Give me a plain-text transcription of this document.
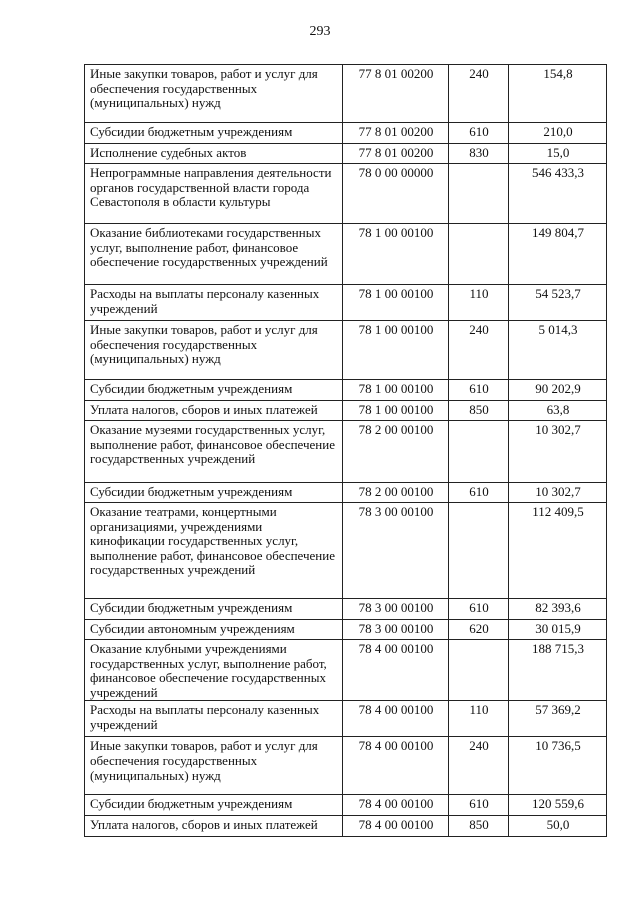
293
Иные закупки товаров, работ и услуг для обеспечения государственных (муниципальных) нужд	77 8 01 00200	240	154,8
Субсидии бюджетным учреждениям	77 8 01 00200	610	210,0
Исполнение судебных актов	77 8 01 00200	830	15,0
Непрограммные направления деятельности органов государственной власти города Севастополя в области культуры	78 0 00 00000		546 433,3
Оказание библиотеками государственных услуг, выполнение работ, финансовое обеспечение государственных учреждений	78 1 00 00100		149 804,7
Расходы на выплаты персоналу казенных учреждений	78 1 00 00100	110	54 523,7
Иные закупки товаров, работ и услуг для обеспечения государственных (муниципальных) нужд	78 1 00 00100	240	5 014,3
Субсидии бюджетным учреждениям	78 1 00 00100	610	90 202,9
Уплата налогов, сборов и иных платежей	78 1 00 00100	850	63,8
Оказание музеями государственных услуг, выполнение работ, финансовое обеспечение государственных учреждений	78 2 00 00100		10 302,7
Субсидии бюджетным учреждениям	78 2 00 00100	610	10 302,7
Оказание театрами, концертными организациями, учреждениями кинофикации государственных услуг, выполнение работ, финансовое обеспечение государственных учреждений	78 3 00 00100		112 409,5
Субсидии бюджетным учреждениям	78 3 00 00100	610	82 393,6
Субсидии автономным учреждениям	78 3 00 00100	620	30 015,9
Оказание клубными учреждениями государственных услуг, выполнение работ, финансовое обеспечение государственных учреждений	78 4 00 00100		188 715,3
Расходы на выплаты персоналу казенных учреждений	78 4 00 00100	110	57 369,2
Иные закупки товаров, работ и услуг для обеспечения государственных (муниципальных) нужд	78 4 00 00100	240	10 736,5
Субсидии бюджетным учреждениям	78 4 00 00100	610	120 559,6
Уплата налогов, сборов и иных платежей	78 4 00 00100	850	50,0
